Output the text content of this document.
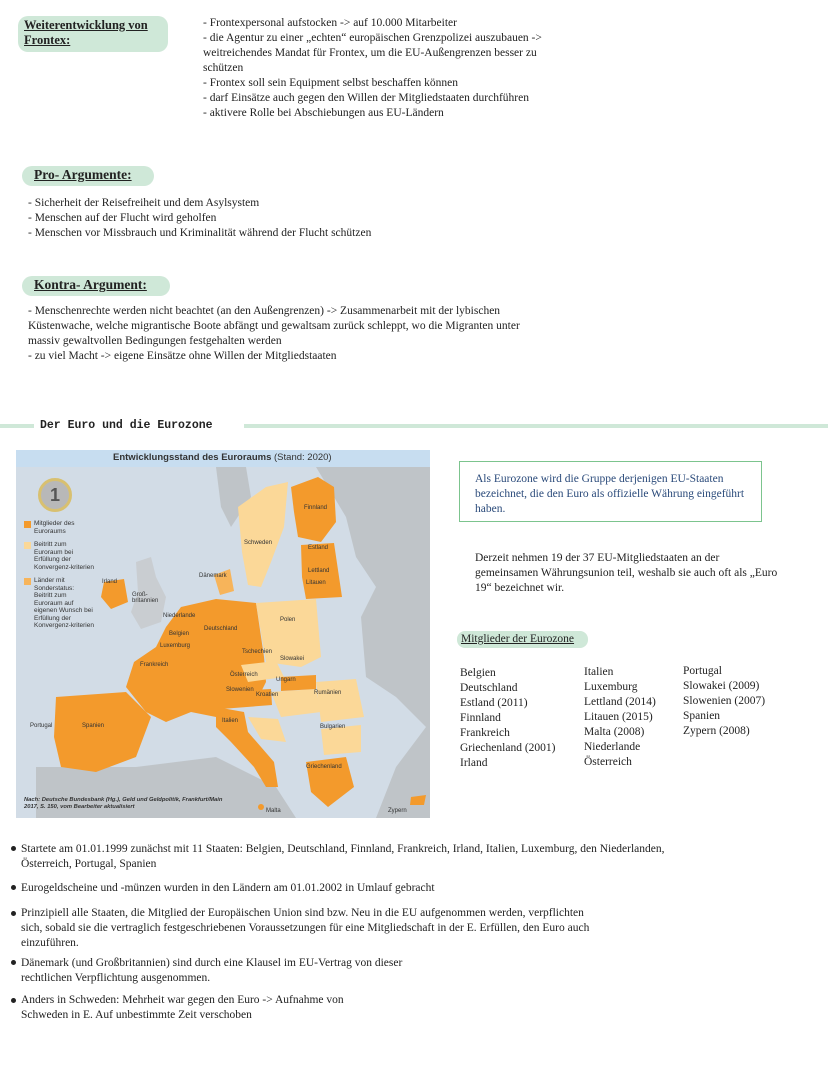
Weiterentwicklung von Frontex:
- Frontexpersonal aufstocken -> auf 10.000 Mitarbeiter
- die Agentur zu einer „echten“ europäischen Grenzpolizei auszubauen ->
weitreichendes Mandat für Frontex, um die EU-Außengrenzen besser zu
schützen
- Frontex soll sein Equipment selbst beschaffen können
- darf Einsätze auch gegen den Willen der Mitgliedstaaten durchführen
- aktivere Rolle bei Abschiebungen aus EU-Ländern
Pro- Argumente:
- Sicherheit der Reisefreiheit und dem Asylsystem
- Menschen auf der Flucht wird geholfen
- Menschen vor Missbrauch und Kriminalität während der Flucht schützen
Kontra- Argument:
- Menschenrechte werden nicht beachtet (an den Außengrenzen) -> Zusammenarbeit mit der lybischen
Küstenwache, welche migrantische Boote abfängt und gewaltsam zurück schleppt, wo die Migranten unter
massiv gewaltvollen Bedingungen festgehalten werden
- zu viel Macht -> eigene Einsätze ohne Willen der Mitgliedstaaten
Der Euro und die Eurozone
Entwicklungsstand des Euroraums (Stand: 2020)
1
Mitglieder des Euroraums
Beitritt zum Euroraum bei Erfüllung der Konvergenz-kriterien
Länder mit Sonderstatus: Beitritt zum Euroraum auf eigenen Wunsch bei Erfüllung der Konvergenz-kriterien
Finnland
Schweden
Estland
Lettland
Litauen
Dänemark
Groß-britannien
Irland
Niederlande
Belgien
Luxemburg
Deutschland
Polen
Tschechien
Slowakei
Frankreich
Österreich
Ungarn
Slowenien
Kroatien	Rumänien
Portugal	Spanien
Italien
Bulgarien
Griechenland
Malta	Zypern
Nach: Deutsche Bundesbank (Hg.), Geld und Geldpolitik, Frankfurt/Main 2017, S. 150, vom Bearbeiter aktualisiert
Als Eurozone wird die Gruppe derjenigen EU-Staaten bezeichnet, die den Euro als offizielle Währung eingeführt haben.
Derzeit nehmen 19 der 37 EU-Mitgliedstaaten an der gemeinsamen Währungsunion teil, weshalb sie auch oft als „Euro 19“ bezeichnet wir.
Mitglieder der Eurozone
Belgien
Deutschland
Estland (2011)
Finnland
Frankreich
Griechenland (2001)
Irland
Italien
Luxemburg
Lettland (2014)
Litauen (2015)
Malta (2008)
Niederlande
Österreich
Portugal
Slowakei (2009)
Slowenien (2007)
Spanien
Zypern (2008)
Startete am 01.01.1999 zunächst mit 11 Staaten: Belgien, Deutschland, Finnland, Frankreich, Irland, Italien, Luxemburg, den Niederlanden,
Österreich, Portugal, Spanien
Eurogeldscheine und -münzen wurden in den Ländern am 01.01.2002 in Umlauf gebracht
Prinzipiell alle Staaten, die Mitglied der Europäischen Union sind bzw. Neu in die EU aufgenommen werden, verpflichten
sich, sobald sie die vertraglich festgeschriebenen Voraussetzungen für eine Mitgliedschaft in der E. Erfüllen, den Euro auch
einzuführen.
Dänemark (und Großbritannien) sind durch eine Klausel im EU-Vertrag von dieser
rechtlichen Verpflichtung ausgenommen.
Anders in Schweden: Mehrheit war gegen den Euro -> Aufnahme von
Schweden in E. Auf unbestimmte Zeit verschoben
